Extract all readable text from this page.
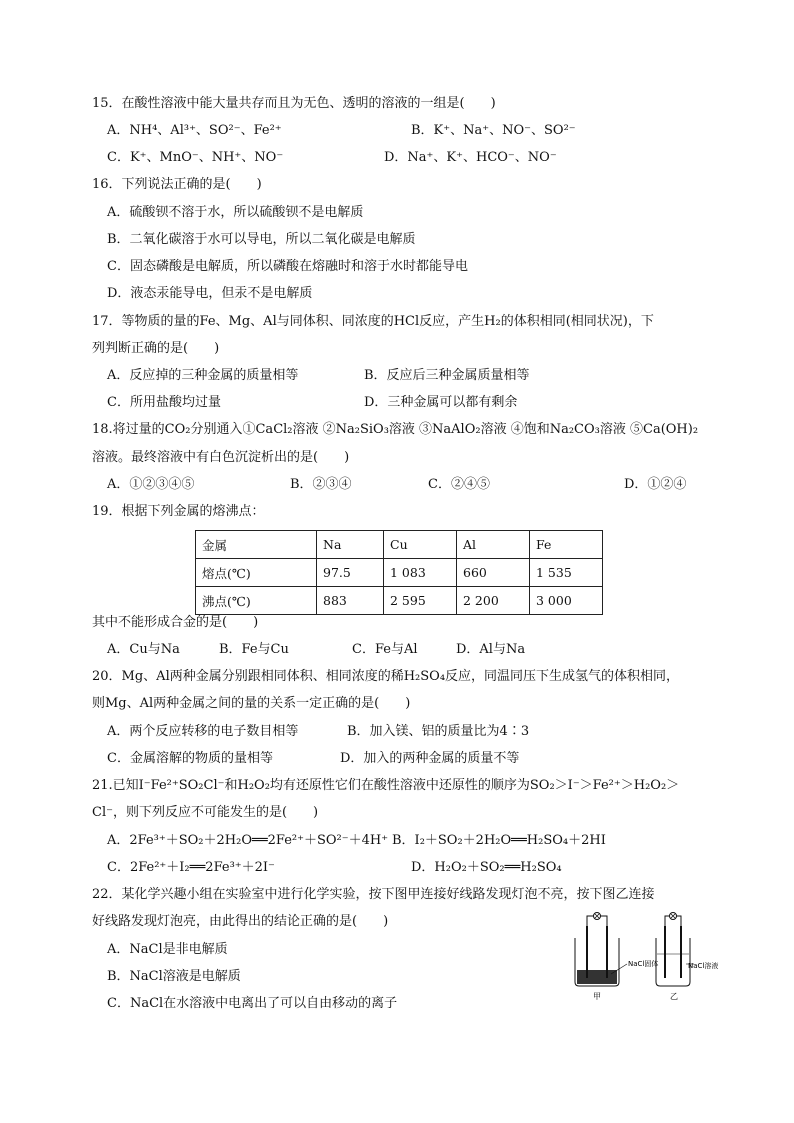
15．在酸性溶液中能大量共存而且为无色、透明的溶液的一组是(　　)
A．NH⁴、Al³⁺、SO²⁻、Fe²⁺	B．K⁺、Na⁺、NO⁻、SO²⁻
C．K⁺、MnO⁻、NH⁺、NO⁻	D．Na⁺、K⁺、HCO⁻、NO⁻
16．下列说法正确的是(　　)
A．硫酸钡不溶于水，所以硫酸钡不是电解质
B．二氧化碳溶于水可以导电，所以二氧化碳是电解质
C．固态磷酸是电解质，所以磷酸在熔融时和溶于水时都能导电
D．液态汞能导电，但汞不是电解质
17．等物质的量的Fe、Mg、Al与同体积、同浓度的HCl反应，产生H₂的体积相同(相同状况)，下
列判断正确的是(　　)
A．反应掉的三种金属的质量相等	B．反应后三种金属质量相等
C．所用盐酸均过量	D．三种金属可以都有剩余
18.将过量的CO₂分别通入①CaCl₂溶液 ②Na₂SiO₃溶液 ③NaAlO₂溶液 ④饱和Na₂CO₃溶液 ⑤Ca(OH)₂
溶液。最终溶液中有白色沉淀析出的是(　　)
A．①②③④⑤	B．②③④	C．②④⑤	D．①②④
19．根据下列金属的熔沸点：
金属	Na	Cu	Al	Fe
熔点(℃)	97.5	1 083	660	1 535
沸点(℃)	883	2 595	2 200	3 000
其中不能形成合金的是(　　)
A．Cu与Na	B．Fe与Cu	C．Fe与Al	D．Al与Na
20．Mg、Al两种金属分别跟相同体积、相同浓度的稀H₂SO₄反应，同温同压下生成氢气的体积相同，
则Mg、Al两种金属之间的量的关系一定正确的是(　　)
A．两个反应转移的电子数目相等	B．加入镁、铝的质量比为4∶3
C．金属溶解的物质的量相等	D．加入的两种金属的质量不等
21.已知I⁻Fe²⁺SO₂Cl⁻和H₂O₂均有还原性它们在酸性溶液中还原性的顺序为SO₂＞I⁻＞Fe²⁺＞H₂O₂＞
Cl⁻，则下列反应不可能发生的是(　　)
A．2Fe³⁺＋SO₂＋2H₂O══2Fe²⁺＋SO²⁻＋4H⁺ B．I₂＋SO₂＋2H₂O══H₂SO₄＋2HI
C．2Fe²⁺＋I₂══2Fe³⁺＋2I⁻	D．H₂O₂＋SO₂══H₂SO₄
22．某化学兴趣小组在实验室中进行化学实验，按下图甲连接好线路发现灯泡不亮，按下图乙连接
好线路发现灯泡亮，由此得出的结论正确的是(　　)
A．NaCl是非电解质
B．NaCl溶液是电解质
C．NaCl在水溶液中电离出了可以自由移动的离子
NaCl固体
甲
NaCl溶液
乙
